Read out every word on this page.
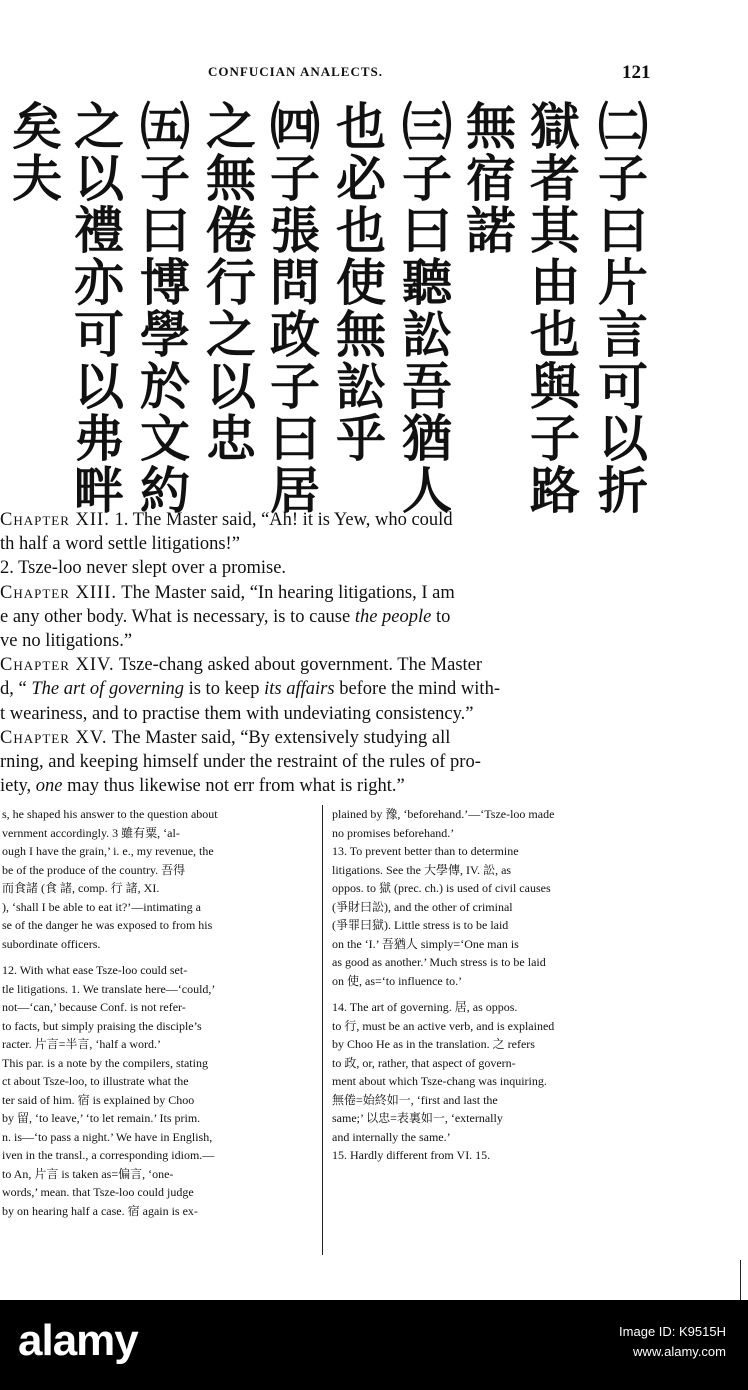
CONFUCIAN ANALECTS.	121
㈡子曰片言可以折
獄者其由也與子路
無宿諾
㈢子曰聽訟吾猶人
也必也使無訟乎
㈣子張問政子曰居
之無倦行之以忠
㈤子曰博學於文約
之以禮亦可以弗畔
矣夫
Chapter XII. 1. The Master said, “Ah! it is Yew, who could
th half a word settle litigations!”
2. Tsze-loo never slept over a promise.
Chapter XIII. The Master said, “In hearing litigations, I am
e any other body. What is necessary, is to cause the people to
ve no litigations.”
Chapter XIV. Tsze-chang asked about government. The Master
d, “ The art of governing is to keep its affairs before the mind with-
t weariness, and to practise them with undeviating consistency.”
Chapter XV. The Master said, “By extensively studying all
rning, and keeping himself under the restraint of the rules of pro-
iety, one may thus likewise not err from what is right.”
s, he shaped his answer to the question about
vernment accordingly. 3 雖有粟, ‘al-
ough I have the grain,’ i. e., my revenue, the
be of the produce of the country. 吾得
而食諸 (食 諸, comp. 行 諸, XI.
), ‘shall I be able to eat it?’—intimating a
se of the danger he was exposed to from his
subordinate officers.
12. With what ease Tsze-loo could set-
tle litigations. 1. We translate here—‘could,’
not—‘can,’ because Conf. is not refer-
to facts, but simply praising the disciple’s
racter. 片言=半言, ‘half a word.’
This par. is a note by the compilers, stating
ct about Tsze-loo, to illustrate what the
ter said of him. 宿 is explained by Choo
by 留, ‘to leave,’ ‘to let remain.’ Its prim.
n. is—‘to pass a night.’ We have in English,
iven in the transl., a corresponding idiom.—
to An, 片言 is taken as=偏言, ‘one-
words,’ mean. that Tsze-loo could judge
by on hearing half a case. 宿 again is ex-
plained by 豫, ‘beforehand.’—‘Tsze-loo made
no promises beforehand.’
13. To prevent better than to determine
litigations. See the 大學傳, IV. 訟, as
oppos. to 獄 (prec. ch.) is used of civil causes
(爭財曰訟), and the other of criminal
(爭罪曰獄). Little stress is to be laid
on the ‘I.’ 吾猶人 simply=‘One man is
as good as another.’ Much stress is to be laid
on 使, as=‘to influence to.’
14. The art of governing. 居, as oppos.
to 行, must be an active verb, and is explained
by Choo He as in the translation. 之 refers
to 政, or, rather, that aspect of govern-
ment about which Tsze-chang was inquiring.
無倦=始終如一, ‘first and last the
same;’ 以忠=表裏如一, ‘externally
and internally the same.’
15. Hardly different from VI. 15.
alamy	Image ID: K9515H
www.alamy.com
